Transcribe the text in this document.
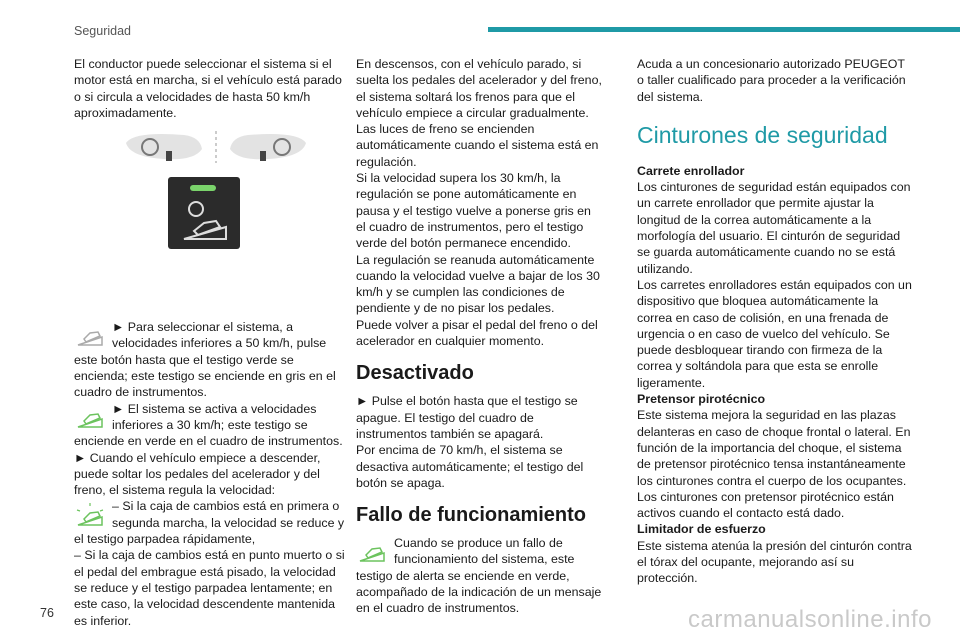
Seguridad

El conductor puede seleccionar el sistema si el motor está en marcha, si el vehículo está parado o si circula a velocidades de hasta 50 km/h aproximadamente.

► Para seleccionar el sistema, a velocidades inferiores a 50 km/h, pulse este botón hasta que el testigo verde se encienda; este testigo se enciende en gris en el cuadro de instrumentos.

► El sistema se activa a velocidades inferiores a 30 km/h; este testigo se enciende en verde en el cuadro de instrumentos.

► Cuando el vehículo empiece a descender, puede soltar los pedales del acelerador y del freno, el sistema regula la velocidad:

– Si la caja de cambios está en primera o segunda marcha, la velocidad se reduce y el testigo parpadea rápidamente,

– Si la caja de cambios está en punto muerto o si el pedal del embrague está pisado, la velocidad se reduce y el testigo parpadea lentamente; en este caso, la velocidad descendente mantenida es inferior.

En descensos, con el vehículo parado, si suelta los pedales del acelerador y del freno, el sistema soltará los frenos para que el vehículo empiece a circular gradualmente.

Las luces de freno se encienden automáticamente cuando el sistema está en regulación.

Si la velocidad supera los 30 km/h, la regulación se pone automáticamente en pausa y el testigo vuelve a ponerse gris en el cuadro de instrumentos, pero el testigo verde del botón permanece encendido.

La regulación se reanuda automáticamente cuando la velocidad vuelve a bajar de los 30 km/h y se cumplen las condiciones de pendiente y de no pisar los pedales.

Puede volver a pisar el pedal del freno o del acelerador en cualquier momento.

Desactivado

► Pulse el botón hasta que el testigo se apague. El testigo del cuadro de instrumentos también se apagará.

Por encima de 70 km/h, el sistema se desactiva automáticamente; el testigo del botón se apaga.

Fallo de funcionamiento

Cuando se produce un fallo de funcionamiento del sistema, este testigo de alerta se enciende en verde, acompañado de la indicación de un mensaje en el cuadro de instrumentos.

Acuda a un concesionario autorizado PEUGEOT o taller cualificado para proceder a la verificación del sistema.

Cinturones de seguridad

Carrete enrollador

Los cinturones de seguridad están equipados con un carrete enrollador que permite ajustar la longitud de la correa automáticamente a la morfología del usuario. El cinturón de seguridad se guarda automáticamente cuando no se está utilizando.

Los carretes enrolladores están equipados con un dispositivo que bloquea automáticamente la correa en caso de colisión, en una frenada de urgencia o en caso de vuelco del vehículo. Se puede desbloquear tirando con firmeza de la correa y soltándola para que esta se enrolle ligeramente.

Pretensor pirotécnico

Este sistema mejora la seguridad en las plazas delanteras en caso de choque frontal o lateral. En función de la importancia del choque, el sistema de pretensor pirotécnico tensa instantáneamente los cinturones contra el cuerpo de los ocupantes.

Los cinturones con pretensor pirotécnico están activos cuando el contacto está dado.

Limitador de esfuerzo

Este sistema atenúa la presión del cinturón contra el tórax del ocupante, mejorando así su protección.

76	carmanualsonline.info
